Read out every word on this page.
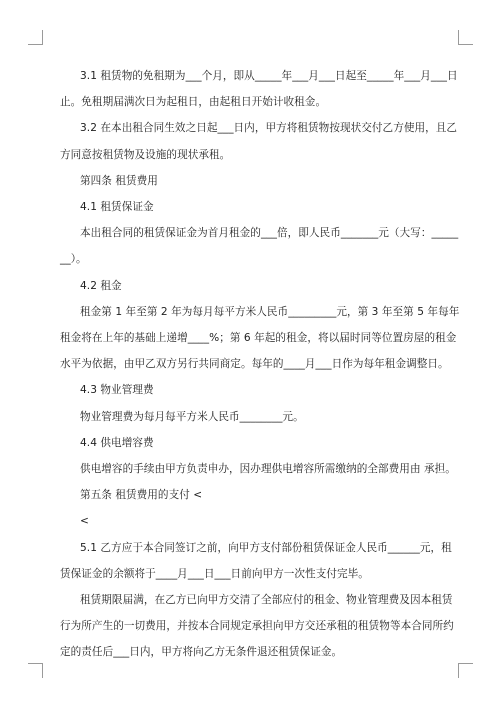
3.1 租赁物的免租期为___个月，即从_____年___月___日起至_____年___月___日

止。免租期届满次日为起租日，由起租日开始计收租金。

3.2 在本出租合同生效之日起___日内，甲方将租赁物按现状交付乙方使用，且乙

方同意按租赁物及设施的现状承租。

第四条 租赁费用

4.1 租赁保证金

本出租合同的租赁保证金为首月租金的___倍，即人民币_______元（大写：_____

__）。

4.2 租金

租金第 1 年至第 2 年为每月每平方米人民币_________元，第 3 年至第 5 年每年

租金将在上年的基础上递增____%；第 6 年起的租金，将以届时同等位置房屋的租金

水平为依据，由甲乙双方另行共同商定。每年的____月___日作为每年租金调整日。

4.3 物业管理费

物业管理费为每月每平方米人民币________元。

4.4 供电增容费

供电增容的手续由甲方负责申办，因办理供电增容所需缴纳的全部费用由 承担。

第五条 租赁费用的支付 <

<

5.1 乙方应于本合同签订之前，向甲方支付部份租赁保证金人民币______元，租

赁保证金的余额将于____月___日___日前向甲方一次性支付完毕。

租赁期限届满，在乙方已向甲方交清了全部应付的租金、物业管理费及因本租赁

行为所产生的一切费用，并按本合同规定承担向甲方交还承租的租赁物等本合同所约

定的责任后___日内，甲方将向乙方无条件退还租赁保证金。
